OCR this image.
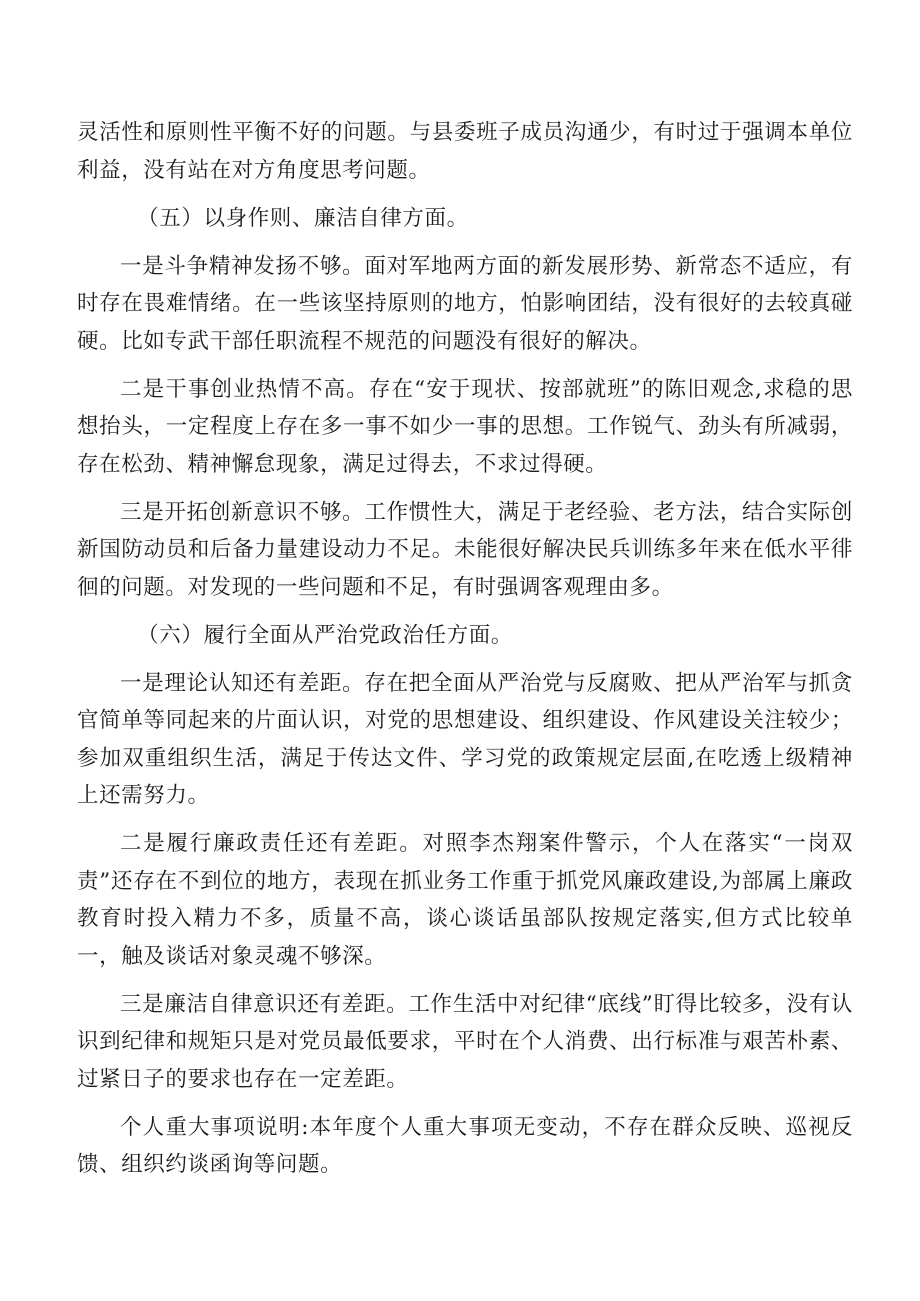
灵活性和原则性平衡不好的问题。与县委班子成员沟通少，有时过于强调本单位利益，没有站在对方角度思考问题。

（五）以身作则、廉洁自律方面。

一是斗争精神发扬不够。面对军地两方面的新发展形势、新常态不适应，有时存在畏难情绪。在一些该坚持原则的地方，怕影响团结，没有很好的去较真碰硬。比如专武干部任职流程不规范的问题没有很好的解决。

二是干事创业热情不高。存在“安于现状、按部就班”的陈旧观念,求稳的思想抬头，一定程度上存在多一事不如少一事的思想。工作锐气、劲头有所减弱，存在松劲、精神懈怠现象，满足过得去，不求过得硬。

三是开拓创新意识不够。工作惯性大，满足于老经验、老方法，结合实际创新国防动员和后备力量建设动力不足。未能很好解决民兵训练多年来在低水平徘徊的问题。对发现的一些问题和不足，有时强调客观理由多。

（六）履行全面从严治党政治任方面。

一是理论认知还有差距。存在把全面从严治党与反腐败、把从严治军与抓贪官简单等同起来的片面认识，对党的思想建设、组织建设、作风建设关注较少；参加双重组织生活，满足于传达文件、学习党的政策规定层面,在吃透上级精神上还需努力。

二是履行廉政责任还有差距。对照李杰翔案件警示，个人在落实“一岗双责”还存在不到位的地方，表现在抓业务工作重于抓党风廉政建设,为部属上廉政教育时投入精力不多，质量不高，谈心谈话虽部队按规定落实,但方式比较单一，触及谈话对象灵魂不够深。

三是廉洁自律意识还有差距。工作生活中对纪律“底线”盯得比较多，没有认识到纪律和规矩只是对党员最低要求，平时在个人消费、出行标准与艰苦朴素、过紧日子的要求也存在一定差距。

个人重大事项说明:本年度个人重大事项无变动，不存在群众反映、巡视反馈、组织约谈函询等问题。
